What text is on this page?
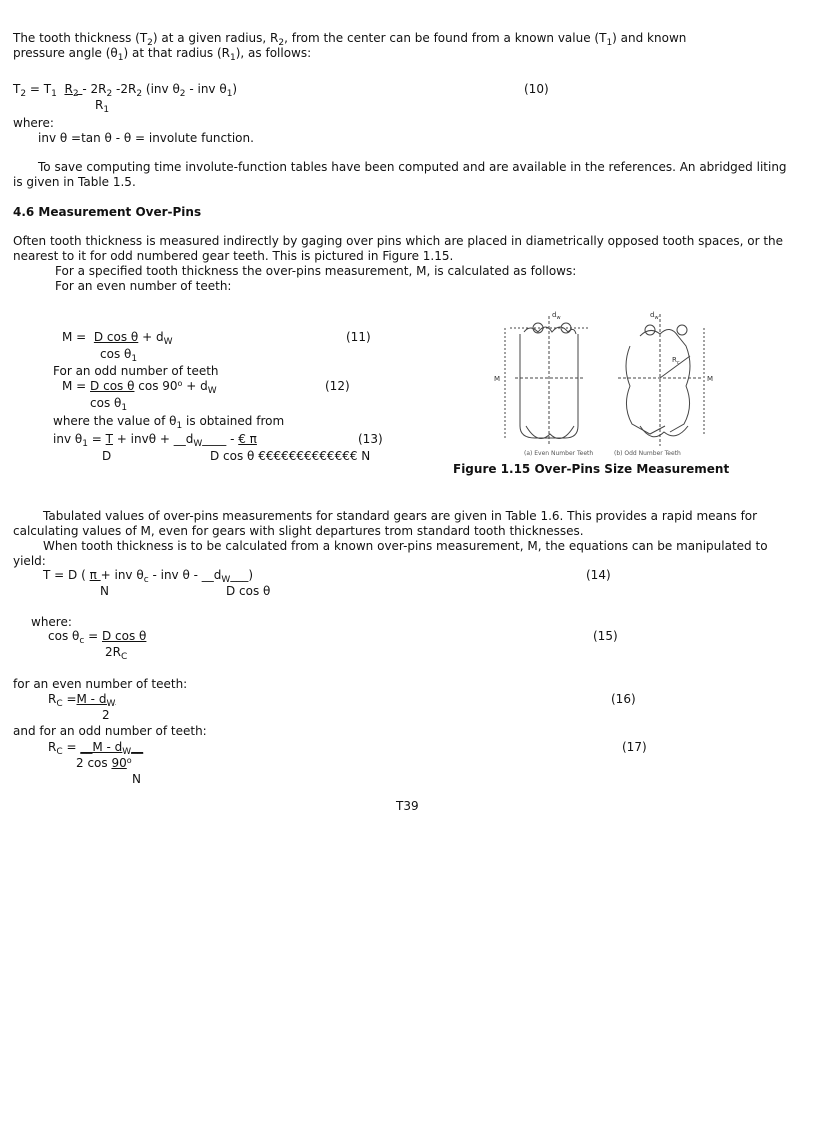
The tooth thickness $(T_2)$ at a given radius, $R_2$, from the center can be found from a known value $(T_1)$ and known
pressure angle $(\theta_1)$ at that radius $(R_1)$, as follows:
$T_2 = T_1$ $R_2 - 2R_2$ $-2R_2$ (inv $\theta_2$ - inv $\theta_1$)
$R_1$
(10)
where:
inv θ =tan θ - θ = involute function.
To save computing time involute-function tables have been computed and are available in the references. An abridged liting is given in Table 1.5.
4.6 Measurement Over-Pins
Often tooth thickness is measured indirectly by gaging over pins which are placed in diametrically opposed tooth spaces, or the
nearest to it for odd numbered gear teeth. This is pictured in Figure 1.15.
For a specified tooth thickness the over-pins measurement, M, is calculated as follows:
For an even number of teeth:
M =  D $\cos \theta + d_W$
$\cos \theta_1$
(11)
For an odd number of teeth
M = D cos θ $\cos 90^o + d_W$
$\cos \theta_1$
(12)
where the value of $\theta_1$ is obtained from
inv $\theta_1 = T + inv\theta$ + $\_\_d_W\_\_\_\_$ - € π
D	D cos θ €€€€€€€€€€€€€ N
(13)
$d_w$	$d_w$
M	M
$R_c$
(a) Even Number Teeth	(b) Odd Number Teeth
Figure 1.15 Over-Pins Size Measurement
Tabulated values of over-pins measurements for standard gears are given in Table 1.6. This provides a rapid means for
calculating values of M, even for gears with slight departures trom standard tooth thicknesses.
When tooth thickness is to be calculated from a known over-pins measurement, M, the equations can be manipulated to
yield:
T = D ( π + inv $\theta_c$ - inv θ - $\_\_d_W\_\_\_$)
N	D cos θ
(14)
where:
$\cos \theta_c = D$ cos θ
$2R_C$
(15)
for an even number of teeth:
$R_C =M - d_W$
2
(16)
and for an odd number of teeth:
$R_C$ = __M - $d_W\_\_$
2 cos 90$^o$
N
(17)
T39
